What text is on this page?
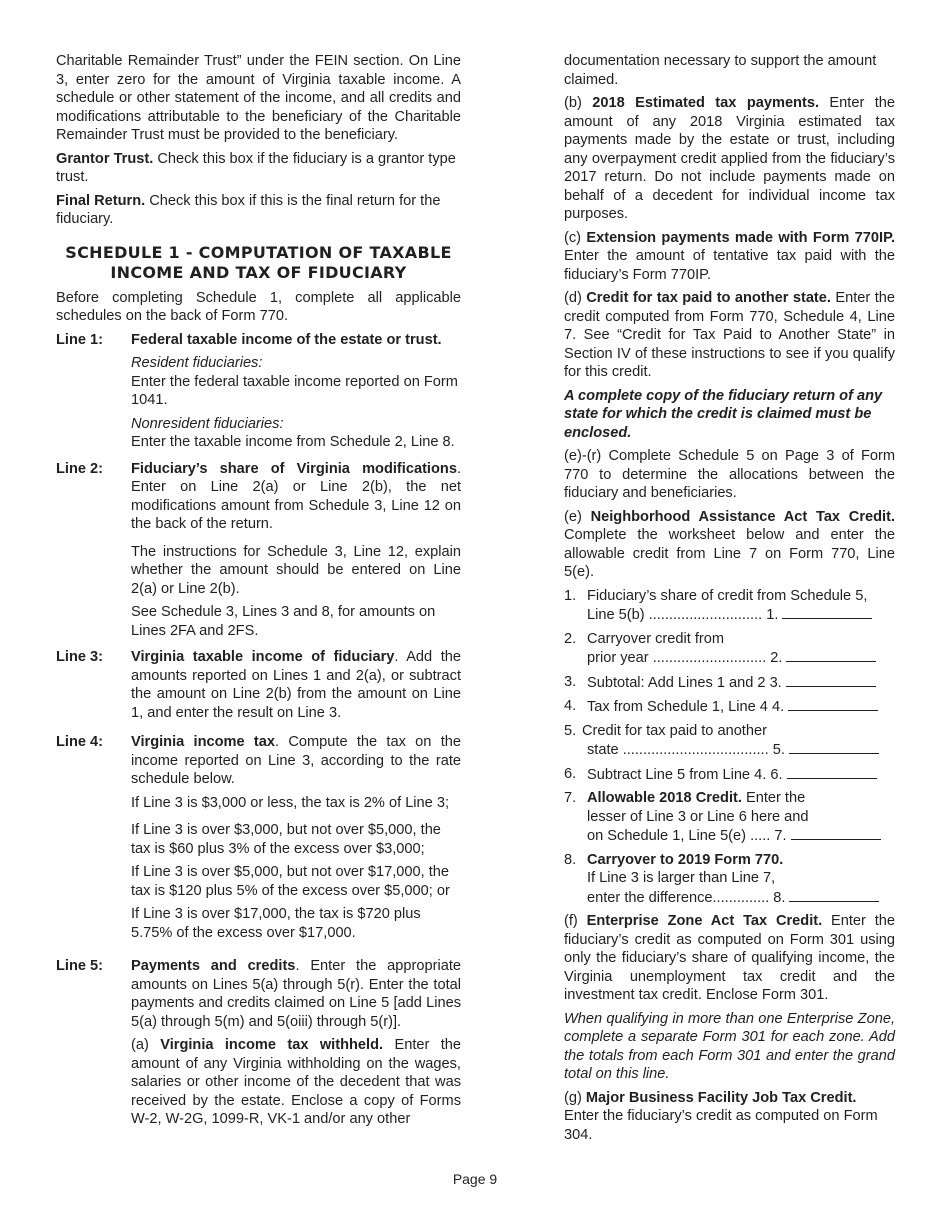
Charitable Remainder Trust” under the FEIN section. On Line 3, enter zero for the amount of Virginia taxable income. A schedule or other statement of the income, and all credits and modifications attributable to the beneficiary of the Charitable Remainder Trust must be provided to the beneficiary.

Grantor Trust. Check this box if the fiduciary is a grantor type trust.

Final Return. Check this box if this is the final return for the fiduciary.

SCHEDULE 1 - COMPUTATION OF TAXABLE
INCOME AND TAX OF FIDUCIARY

Before completing Schedule 1, complete all applicable schedules on the back of Form 770.

Line 1:	Federal taxable income of the estate or trust.

Resident fiduciaries:

Enter the federal taxable income reported on Form 1041.

Nonresident fiduciaries:

Enter the taxable income from Schedule 2, Line 8.

Line 2:	Fiduciary’s share of Virginia modifications. Enter on Line 2(a) or Line 2(b), the net modifications amount from Schedule 3, Line 12 on the back of the return.

The instructions for Schedule 3, Line 12, explain whether the amount should be entered on Line 2(a) or Line 2(b).

See Schedule 3, Lines 3 and 8, for amounts on Lines 2FA and 2FS.

Line 3:	Virginia taxable income of fiduciary. Add the amounts reported on Lines 1 and 2(a), or subtract the amount on Line 2(b) from the amount on Line 1, and enter the result on Line 3.

Line 4:	Virginia income tax. Compute the tax on the income reported on Line 3, according to the rate schedule below.

If Line 3 is $3,000 or less, the tax is 2% of Line 3;

If Line 3 is over $3,000, but not over $5,000, the tax is $60 plus 3% of the excess over $3,000;

If Line 3 is over $5,000, but not over $17,000, the tax is $120 plus 5% of the excess over $5,000; or

If Line 3 is over $17,000, the tax is $720 plus 5.75% of the excess over $17,000.

Line 5:	Payments and credits. Enter the appropriate amounts on Lines 5(a) through 5(r). Enter the total payments and credits claimed on Line 5 [add Lines 5(a) through 5(m) and 5(oiii) through 5(r)].

(a) Virginia income tax withheld. Enter the amount of any Virginia withholding on the wages, salaries or other income of the decedent that was received by the estate. Enclose a copy of Forms W-2, W-2G, 1099-R, VK-1 and/or any other

documentation necessary to support the amount claimed.

(b) 2018 Estimated tax payments. Enter the amount of any 2018 Virginia estimated tax payments made by the estate or trust, including any overpayment credit applied from the fiduciary’s 2017 return. Do not include payments made on behalf of a decedent for individual income tax purposes.

(c) Extension payments made with Form 770IP. Enter the amount of tentative tax paid with the fiduciary’s Form 770IP.

(d) Credit for tax paid to another state. Enter the credit computed from Form 770, Schedule 4, Line 7. See “Credit for Tax Paid to Another State” in Section IV of these instructions to see if you qualify for this credit.

A complete copy of the fiduciary return of any state for which the credit is claimed must be enclosed.

(e)-(r) Complete Schedule 5 on Page 3 of Form 770 to determine the allocations between the fiduciary and beneficiaries.

(e) Neighborhood Assistance Act Tax Credit. Complete the worksheet below and enter the allowable credit from Line 7 on Form 770, Line 5(e).

1. Fiduciary’s share of credit from Schedule 5,
Line 5(b) ............................ 1.
2. Carryover credit from
prior year ............................ 2.
3. Subtotal: Add Lines 1 and 2 3.
4. Tax from Schedule 1, Line 4 4.
5. Credit for tax paid to another
state .................................... 5.
6. Subtract Line 5 from Line 4. 6.
7. Allowable 2018 Credit. Enter the
lesser of Line 3 or Line 6 here and
on Schedule 1, Line 5(e) ..... 7.
8. Carryover to 2019 Form 770.
If Line 3 is larger than Line 7,
enter the difference.............. 8.

(f) Enterprise Zone Act Tax Credit. Enter the fiduciary’s credit as computed on Form 301 using only the fiduciary’s share of qualifying income, the Virginia unemployment tax credit and the investment tax credit. Enclose Form 301.

When qualifying in more than one Enterprise Zone, complete a separate Form 301 for each zone. Add the totals from each Form 301 and enter the grand total on this line.

(g) Major Business Facility Job Tax Credit. Enter the fiduciary’s credit as computed on Form 304.

Page 9
